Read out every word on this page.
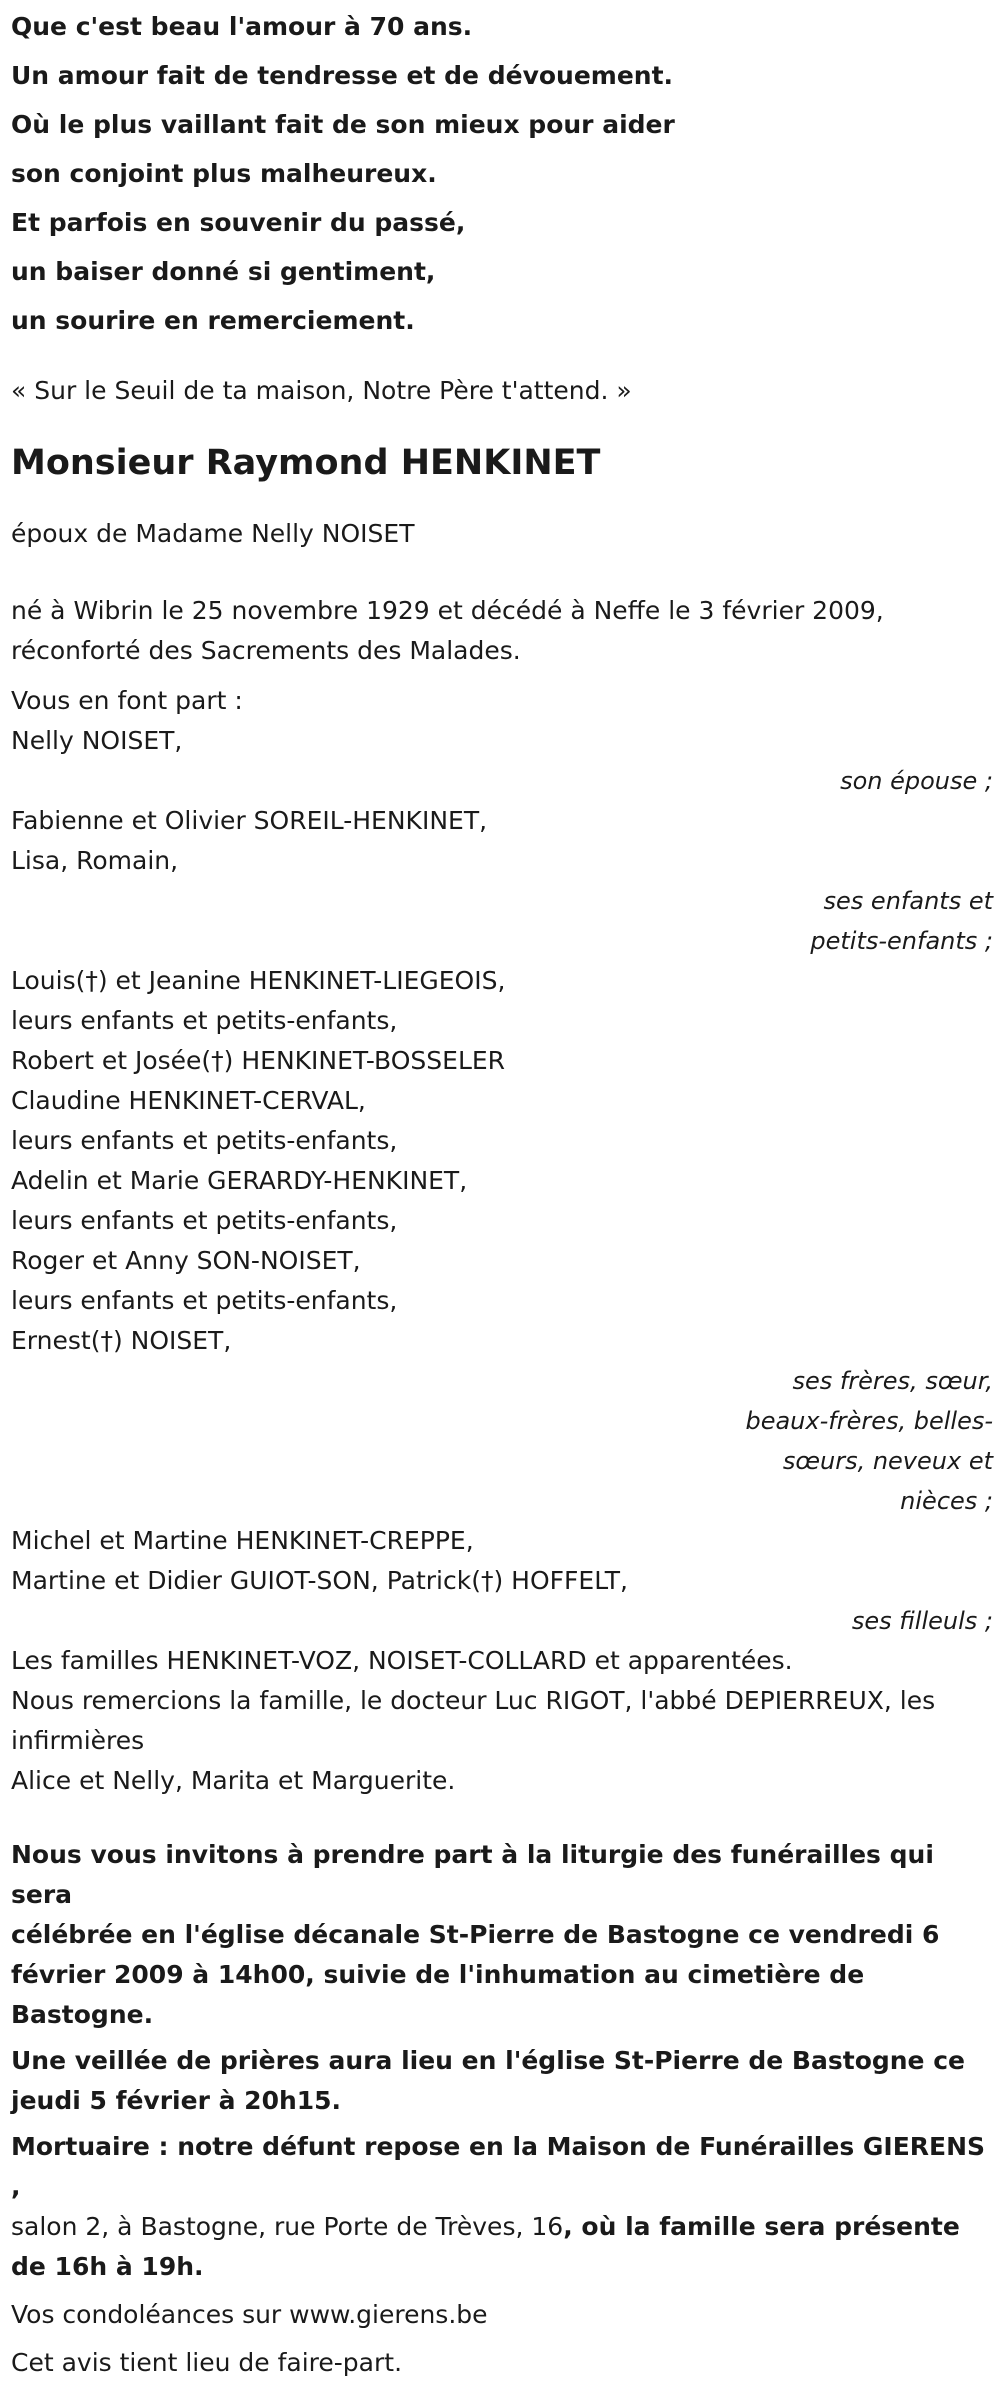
Que c'est beau l'amour à 70 ans.

Un amour fait de tendresse et de dévouement.

Où le plus vaillant fait de son mieux pour aider

son conjoint plus malheureux.

Et parfois en souvenir du passé,

un baiser donné si gentiment,

un sourire en remerciement.

« Sur le Seuil de ta maison, Notre Père t'attend. »
Monsieur Raymond HENKINET
époux de Madame Nelly NOISET
né à Wibrin le 25 novembre 1929 et décédé à Neffe le 3 février 2009,
réconforté des Sacrements des Malades.
Vous en font part :
Nelly NOISET,
son épouse ;
Fabienne et Olivier SOREIL-HENKINET,
Lisa, Romain,
ses enfants et
petits-enfants ;
Louis(†) et Jeanine HENKINET-LIEGEOIS,
leurs enfants et petits-enfants,
Robert et Josée(†) HENKINET-BOSSELER
Claudine HENKINET-CERVAL,
leurs enfants et petits-enfants,
Adelin et Marie GERARDY-HENKINET,
leurs enfants et petits-enfants,
Roger et Anny SON-NOISET,
leurs enfants et petits-enfants,
Ernest(†) NOISET,
ses frères, sœur,
beaux-frères, belles-
sœurs, neveux et
nièces ;
Michel et Martine HENKINET-CREPPE,
Martine et Didier GUIOT-SON, Patrick(†) HOFFELT,
ses filleuls ;
Les familles HENKINET-VOZ, NOISET-COLLARD et apparentées.
Nous remercions la famille, le docteur Luc RIGOT, l'abbé DEPIERREUX, les
infirmières
Alice et Nelly, Marita et Marguerite.
Nous vous invitons à prendre part à la liturgie des funérailles qui sera
célébrée en l'église décanale St-Pierre de Bastogne ce vendredi 6
février 2009 à 14h00, suivie de l'inhumation au cimetière de
Bastogne.
Une veillée de prières aura lieu en l'église St-Pierre de Bastogne ce
jeudi 5 février à 20h15.
Mortuaire : notre défunt repose en la Maison de Funérailles GIERENS ,
salon 2, à Bastogne, rue Porte de Trèves, 16, où la famille sera présente
de 16h à 19h.
Vos condoléances sur www.gierens.be
Cet avis tient lieu de faire-part.
